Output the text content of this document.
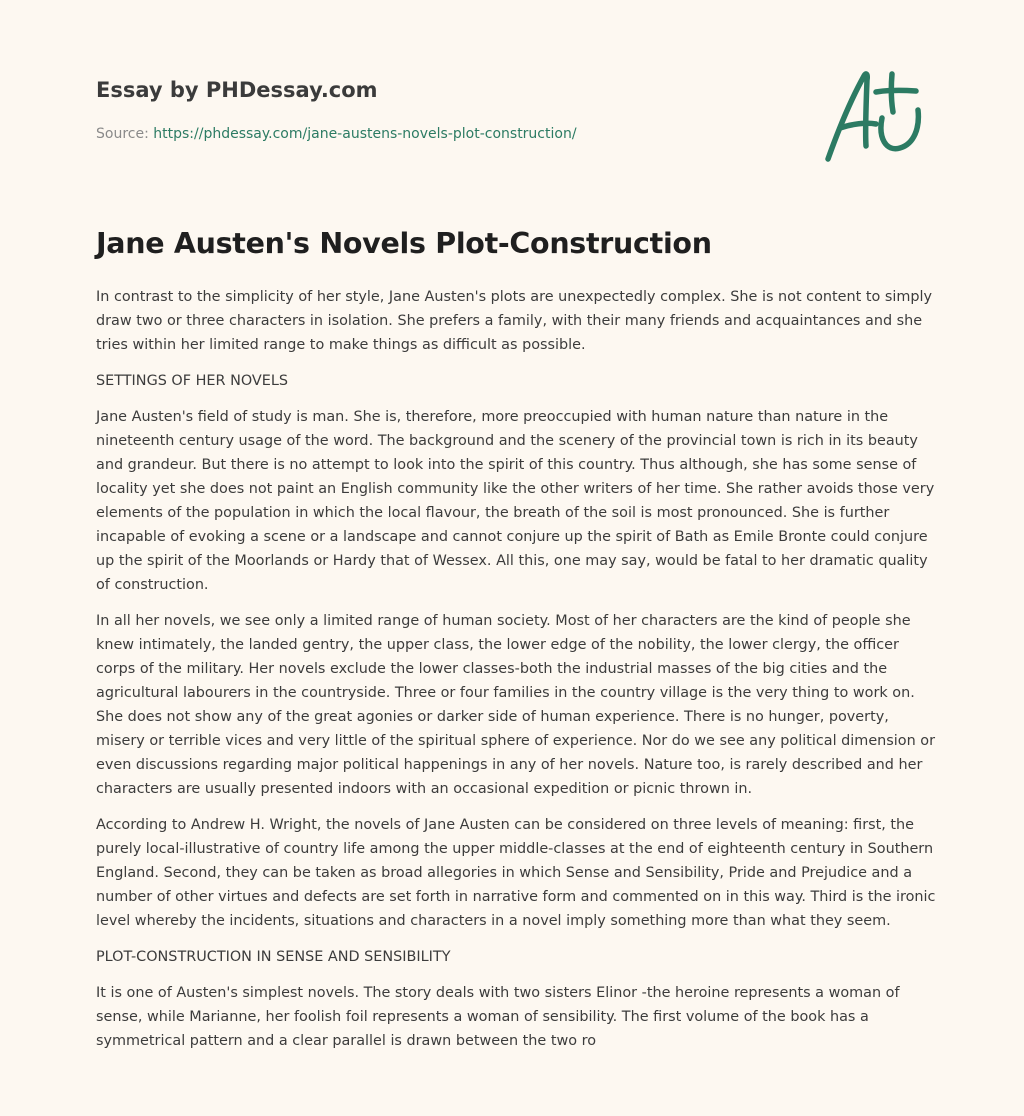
Essay by PHDessay.com
Source: https://phdessay.com/jane-austens-novels-plot-construction/
Jane Austen's Novels Plot-Construction

In contrast to the simplicity of her style, Jane Austen's plots are unexpectedly complex. She is not content to simply draw two or three characters in isolation. She prefers a family, with their many friends and acquaintances and she tries within her limited range to make things as difficult as possible.

SETTINGS OF HER NOVELS

Jane Austen's field of study is man. She is, therefore, more preoccupied with human nature than nature in the nineteenth century usage of the word. The background and the scenery of the provincial town is rich in its beauty and grandeur. But there is no attempt to look into the spirit of this country. Thus although, she has some sense of locality yet she does not paint an English community like the other writers of her time. She rather avoids those very elements of the population in which the local flavour, the breath of the soil is most pronounced. She is further incapable of evoking a scene or a landscape and cannot conjure up the spirit of Bath as Emile Bronte could conjure up the spirit of the Moorlands or Hardy that of Wessex. All this, one may say, would be fatal to her dramatic quality of construction.

In all her novels, we see only a limited range of human society. Most of her characters are the kind of people she knew intimately, the landed gentry, the upper class, the lower edge of the nobility, the lower clergy, the officer corps of the military. Her novels exclude the lower classes-both the industrial masses of the big cities and the agricultural labourers in the countryside. Three or four families in the country village is the very thing to work on. She does not show any of the great agonies or darker side of human experience. There is no hunger, poverty, misery or terrible vices and very little of the spiritual sphere of experience. Nor do we see any political dimension or even discussions regarding major political happenings in any of her novels. Nature too, is rarely described and her characters are usually presented indoors with an occasional expedition or picnic thrown in.

According to Andrew H. Wright, the novels of Jane Austen can be considered on three levels of meaning: first, the purely local-illustrative of country life among the upper middle-classes at the end of eighteenth century in Southern England. Second, they can be taken as broad allegories in which Sense and Sensibility, Pride and Prejudice and a number of other virtues and defects are set forth in narrative form and commented on in this way. Third is the ironic level whereby the incidents, situations and characters in a novel imply something more than what they seem.

PLOT-CONSTRUCTION IN SENSE AND SENSIBILITY

It is one of Austen's simplest novels. The story deals with two sisters Elinor -the heroine represents a woman of sense, while Marianne, her foolish foil represents a woman of sensibility. The first volume of the book has a symmetrical pattern and a clear parallel is drawn between the two ro
